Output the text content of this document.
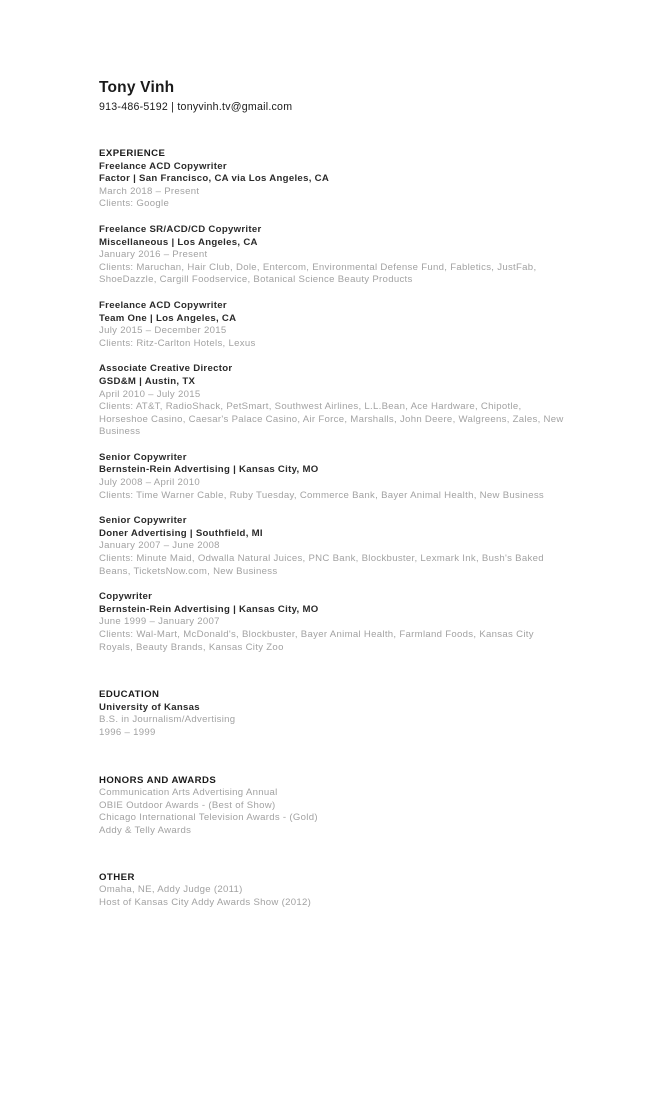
Tony Vinh

913-486-5192 | tonyvinh.tv@gmail.com

EXPERIENCE

Freelance ACD Copywriter

Factor | San Francisco, CA via Los Angeles, CA

March 2018 – Present

Clients: Google

Freelance SR/ACD/CD Copywriter

Miscellaneous | Los Angeles, CA

January 2016 – Present

Clients: Maruchan, Hair Club, Dole, Entercom, Environmental Defense Fund, Fabletics, JustFab, ShoeDazzle, Cargill Foodservice, Botanical Science Beauty Products

Freelance ACD Copywriter

Team One | Los Angeles, CA

July 2015 – December 2015

Clients: Ritz-Carlton Hotels, Lexus

Associate Creative Director

GSD&M | Austin, TX

April 2010 – July 2015

Clients: AT&T, RadioShack, PetSmart, Southwest Airlines, L.L.Bean, Ace Hardware, Chipotle, Horseshoe Casino, Caesar's Palace Casino, Air Force, Marshalls, John Deere, Walgreens, Zales, New Business

Senior Copywriter

Bernstein-Rein Advertising | Kansas City, MO

July 2008 – April 2010

Clients: Time Warner Cable, Ruby Tuesday, Commerce Bank, Bayer Animal Health, New Business

Senior Copywriter

Doner Advertising | Southfield, MI

January 2007 – June 2008

Clients: Minute Maid, Odwalla Natural Juices, PNC Bank, Blockbuster, Lexmark Ink, Bush's Baked Beans, TicketsNow.com, New Business

Copywriter

Bernstein-Rein Advertising | Kansas City, MO

June 1999 – January 2007

Clients: Wal-Mart, McDonald's, Blockbuster, Bayer Animal Health, Farmland Foods, Kansas City Royals, Beauty Brands, Kansas City Zoo

EDUCATION

University of Kansas

B.S. in Journalism/Advertising

1996 – 1999

HONORS AND AWARDS

Communication Arts Advertising Annual

OBIE Outdoor Awards - (Best of Show)

Chicago International Television Awards - (Gold)

Addy & Telly Awards

OTHER

Omaha, NE, Addy Judge (2011)

Host of Kansas City Addy Awards Show (2012)
